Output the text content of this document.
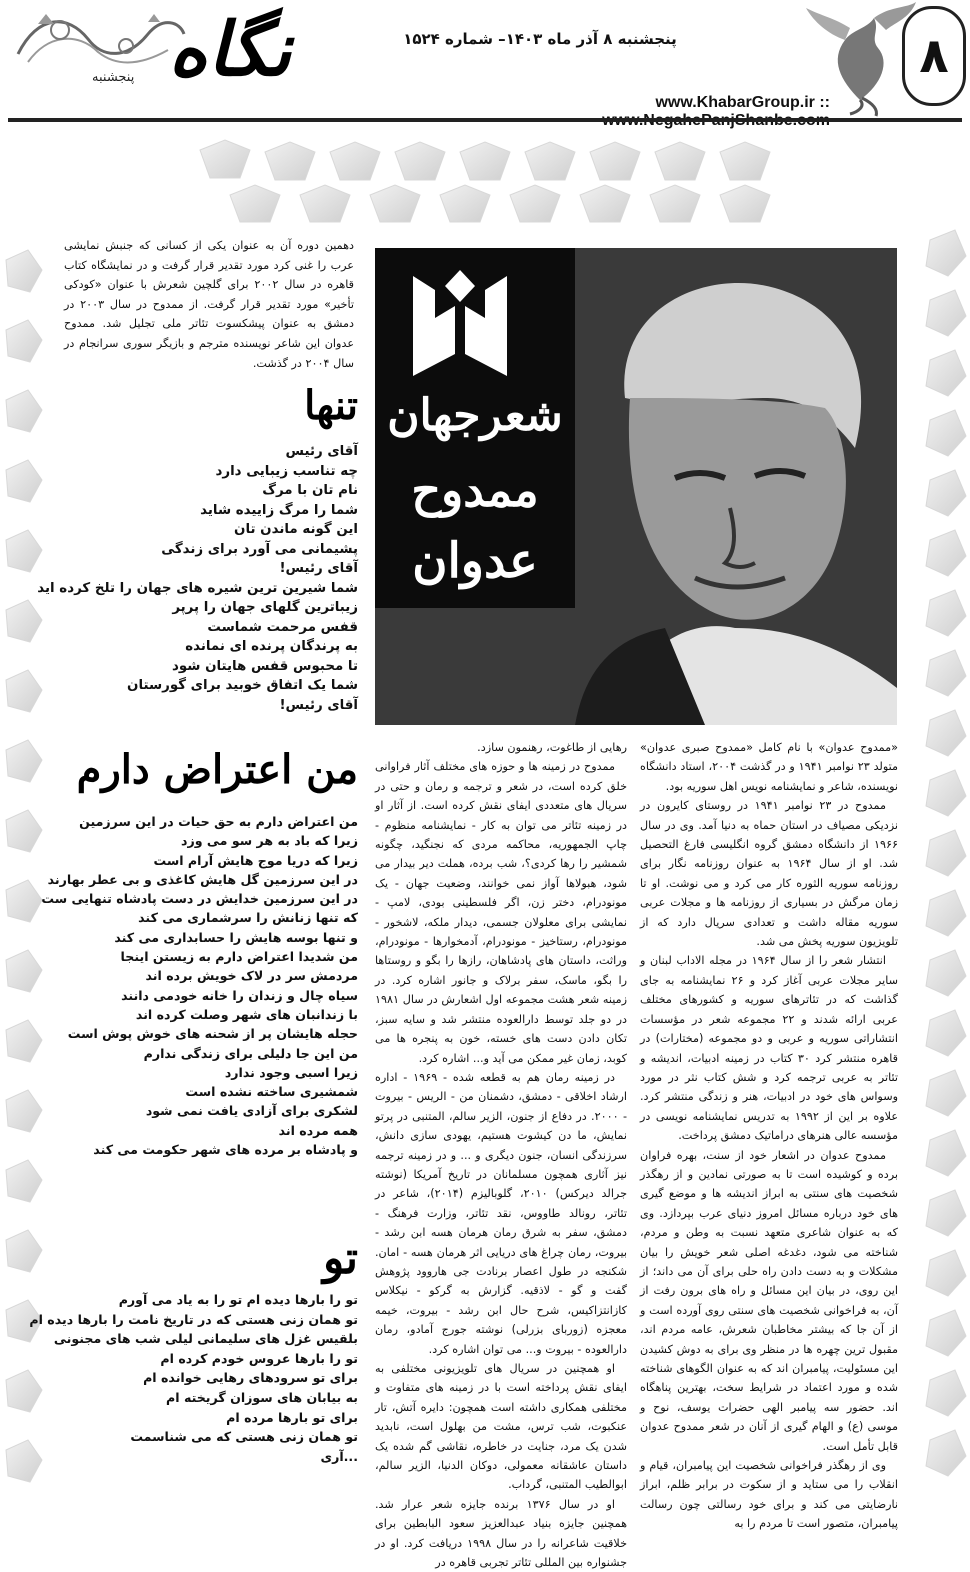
نگاه
پنجشنبه
پنجشنبه ۸ آذر ماه ۱۴۰۳– شماره ۱۵۲۴
www.KhabarGroup.ir ::
۸
دهمین دوره آن به عنوان یکی از کسانی که جنبش نمایشی عرب را غنی کرد مورد تقدیر قرار گرفت و در نمایشگاه کتاب قاهره در سال ۲۰۰۲ برای گلچین شعرش با عنوان «کودکی تأخیر» مورد تقدیر قرار گرفت. از ممدوح در سال ۲۰۰۳ در دمشق به عنوان پیشکسوت تئاتر ملی تجلیل شد. ممدوح عدوان این شاعر نویسنده مترجم و بازیگر سوری سرانجام در سال ۲۰۰۴ در گذشت.
تنها
آقای رئیس
چه تناسب زیبایی دارد
نام تان با مرگ
شما را مرگ زاییده شاید
این گونه ماندن تان
پشیمانی می آورد برای زندگی
آقای رئیس!
شما شیرین ترین شیره های جهان را تلخ کرده اید
زیباترین گلهای جهان را پرپر
قفس مرحمت شماست
به پرندگان پرنده ای نمانده
تا محبوس قفس هایتان شود
شما یک اتفاق خوبید برای گورستان
آقای رئیس!
من اعتراض دارم
من اعتراض دارم به حق حیات در این سرزمین
زیرا که باد به هر سو می وزد
زیرا که دریا موج هایش آرام است
در این سرزمین گل هایش کاغذی و بی عطر بهارند
در این سرزمین خدایش در دست پادشاه تنهایی ست
که تنها زنانش را سرشماری می کند
و تنها بوسه هایش را حسابداری می کند
من شدیدا اعتراض دارم به زیستن اینجا
مردمش سر در لاک خویش برده اند
سیاه چال و زندان را خانه خودمی دانند
با زندانبان های شهر وصلت کرده اند
حجله هایشان پر از شحنه های خوش پوش است
من این جا دلیلی برای زندگی ندارم
زیرا اسبی وجود ندارد
شمشیری ساخته نشده است
لشکری برای آزادی یافت نمی شود
همه مرده اند
و پادشاه بر مرده های شهر حکومت می کند
تو
تو را بارها دیده ام تو را به یاد می آورم
تو همان زنی هستی که در تاریخ نامت را بارها دیده ام
بلقیس غزل های سلیمانی لیلی شب های مجنونی
تو را بارها عروس خودم کرده ام
برای تو سرودهای رهایی خوانده ام
به بیابان های سوزان گریخته ام
برای تو بارها مرده ام
تو همان زنی هستی که می شناسمت
...آری
شعرجهان
ممدوح
عدوان

«ممدوح عدوان» با نام کامل «ممدوح صبری عدوان» متولد ۲۳ نوامبر ۱۹۴۱ و در گذشت ۲۰۰۴، استاد دانشگاه نویسنده، شاعر و نمایشنامه نویس اهل سوریه بود.

ممدوح در ۲۳ نوامبر ۱۹۴۱ در روستای کایرون در نزدیکی مصیاف در استان حماه به دنیا آمد. وی در سال ۱۹۶۶ از دانشگاه دمشق گروه انگلیسی فارغ التحصیل شد. او از سال ۱۹۶۴ به عنوان روزنامه نگار برای روزنامه سوریه الثوره کار می کرد و می نوشت. او تا زمان مرگش در بسیاری از روزنامه ها و مجلات عربی سوریه مقاله داشت و تعدادی سریال دارد که از تلویزیون سوریه پخش می شد.

انتشار شعر را از سال ۱۹۶۴ در مجله الاداب لبنان و سایر مجلات عربی آغاز کرد و ۲۶ نمایشنامه به جای گذاشت که در تئاترهای سوریه و کشورهای مختلف عربی ارائه شدند و ۲۲ مجموعه شعر در مؤسسات انتشاراتی سوریه و عربی و دو مجموعه (مختارات) در قاهره منتشر کرد ۳۰ کتاب در زمینه ادبیات، اندیشه و تئاتر به عربی ترجمه کرد و شش کتاب نثر در مورد وسواس های خود در ادبیات، هنر و زندگی منتشر کرد. علاوه بر این از ۱۹۹۲ به تدریس نمایشنامه نویسی در مؤسسه عالی هنرهای دراماتیک دمشق پرداخت.

ممدوح عدوان در اشعار خود از سنت، بهره فراوان برده و کوشیده است تا به صورتی نمادین و از رهگذر شخصیت های سنتی به ابراز اندیشه ها و موضع گیری های خود درباره مسائل امروز دنیای عرب بپردازد. وی که به عنوان شاعری متعهد نسبت به وطن و مردم، شناخته می شود، دغدغه اصلی شعر خویش را بیان مشکلات و به دست دادن راه حلی برای آن می داند؛ از این روی، در بیان این مسائل و راه های برون رفت از آن، به فراخوانی شخصیت های سنتی روی آورده است و از آن جا که بیشتر مخاطبان شعرش، عامه مردم اند، مقبول ترین چهره ها در منظر وی برای به دوش کشیدن این مسئولیت، پیامبران اند که به عنوان الگوهای شناخته شده و مورد اعتماد در شرایط سخت، بهترین پناهگاه اند. حضور سه پیامبر الهی حضرات یوسف، نوح و موسی (ع) و الهام گیری از آنان در شعر ممدوح عدوان قابل تأمل است.

وی از رهگذر فراخوانی شخصیت این پیامبران، قیام و انقلاب را می ستاید و از سکوت در برابر ظلم، ابراز نارضایتی می کند و برای خود رسالتی چون رسالت پیامبران، متصور است تا مردم را به

رهایی از طاغوت، رهنمون سازد.

ممدوح در زمینه ها و حوزه های مختلف آثار فراوانی خلق کرده است، در شعر و ترجمه و رمان و حتی در سریال های متعددی ایفای نقش کرده است. از آثار او در زمینه تئاتر می توان به کار - نمایشنامه منظوم - چاپ الجمهوریه، محاکمه مردی که نجنگید، چگونه شمشیر را رها کردی؟، شب برده، هملت دیر بیدار می شود، هبولاها آواز نمی خوانند، وضعیت جهان - یک مونودرام، دختر زن، اگر فلسطینی بودی، لامپ - نمایشی برای معلولان جسمی، دیدار ملکه، لاشخور - مونودرام، رستاخیز - مونودرام، آدمخوارها - مونودرام، وراثت، داستان های پادشاهان، رازها را بگو و روستاها را بگو، ماسک، سفر برلاک و جانور اشاره کرد. در زمینه شعر هشت مجموعه اول اشعارش در سال ۱۹۸۱ در دو جلد توسط دارالعوده منتشر شد و سایه سبز، تکان دادن دست های خسته، خون به پنجره ها می کوبد، زمان غیر ممکن می آید و... اشاره کرد.

در زمینه رمان هم به قطعه شده - ۱۹۶۹ - اداره ارشاد اخلاقی - دمشق، دشمنان من - الریس - بیروت - ۲۰۰۰. در دفاع از جنون، الزیر سالم، المتنبی در پرتو نمایش، ما دن کیشوت هستیم، یهودی سازی دانش، سرزندگی انسان، جنون دیگری و ... و در زمینه ترجمه نیز آثاری همچون مسلمانان در تاریخ آمریکا (نوشته جرالد دیرکس) ۲۰۱۰، گلوبالیزم (۲۰۱۴)، شاعر در تئاتر، رونالد طاووس، نقد تئاتر، وزارت فرهنگ - دمشق، سفر به شرق رمان هرمان هسه ابن رشد - بیروت، رمان چراغ های دریایی اثر هرمان هسه - امان. شکنجه در طول اعصار برنادت جی هاروود پژوهش گفت و گو - لاذقیه. گزارش به گرکو - نیکلاس کازانتزاکیس، شرح حال ابن رشد - بیروت، خیمه معجزه (زوربای بزرلی) نوشته جورج آمادو، رمان دارالعوده - بیروت و... می توان اشاره کرد.

او همچنین در سریال های تلویزیونی مختلفی به ایفای نقش پرداخته است با در زمینه های متفاوت و مختلفی همکاری داشته است همچون: دایره آتش، تار عنکبوت، شب ترس، مشت من بهلول است، نابدید شدن یک مرد، جنایت در خاطره، نقاشی گم شده یک داستان عاشقانه معمولی، دوکان الدنیا، الزیر سالم، ابوالطیب المتنبی، گرداب.

او در سال ۱۳۷۶ برنده جایزه شعر عرار شد. همچنین جایزه بنیاد عبدالعزیز سعود البابطین برای خلاقیت شاعرانه را در سال ۱۹۹۸ دریافت کرد. او در جشنواره بین المللی تئاتر تجربی قاهره در
